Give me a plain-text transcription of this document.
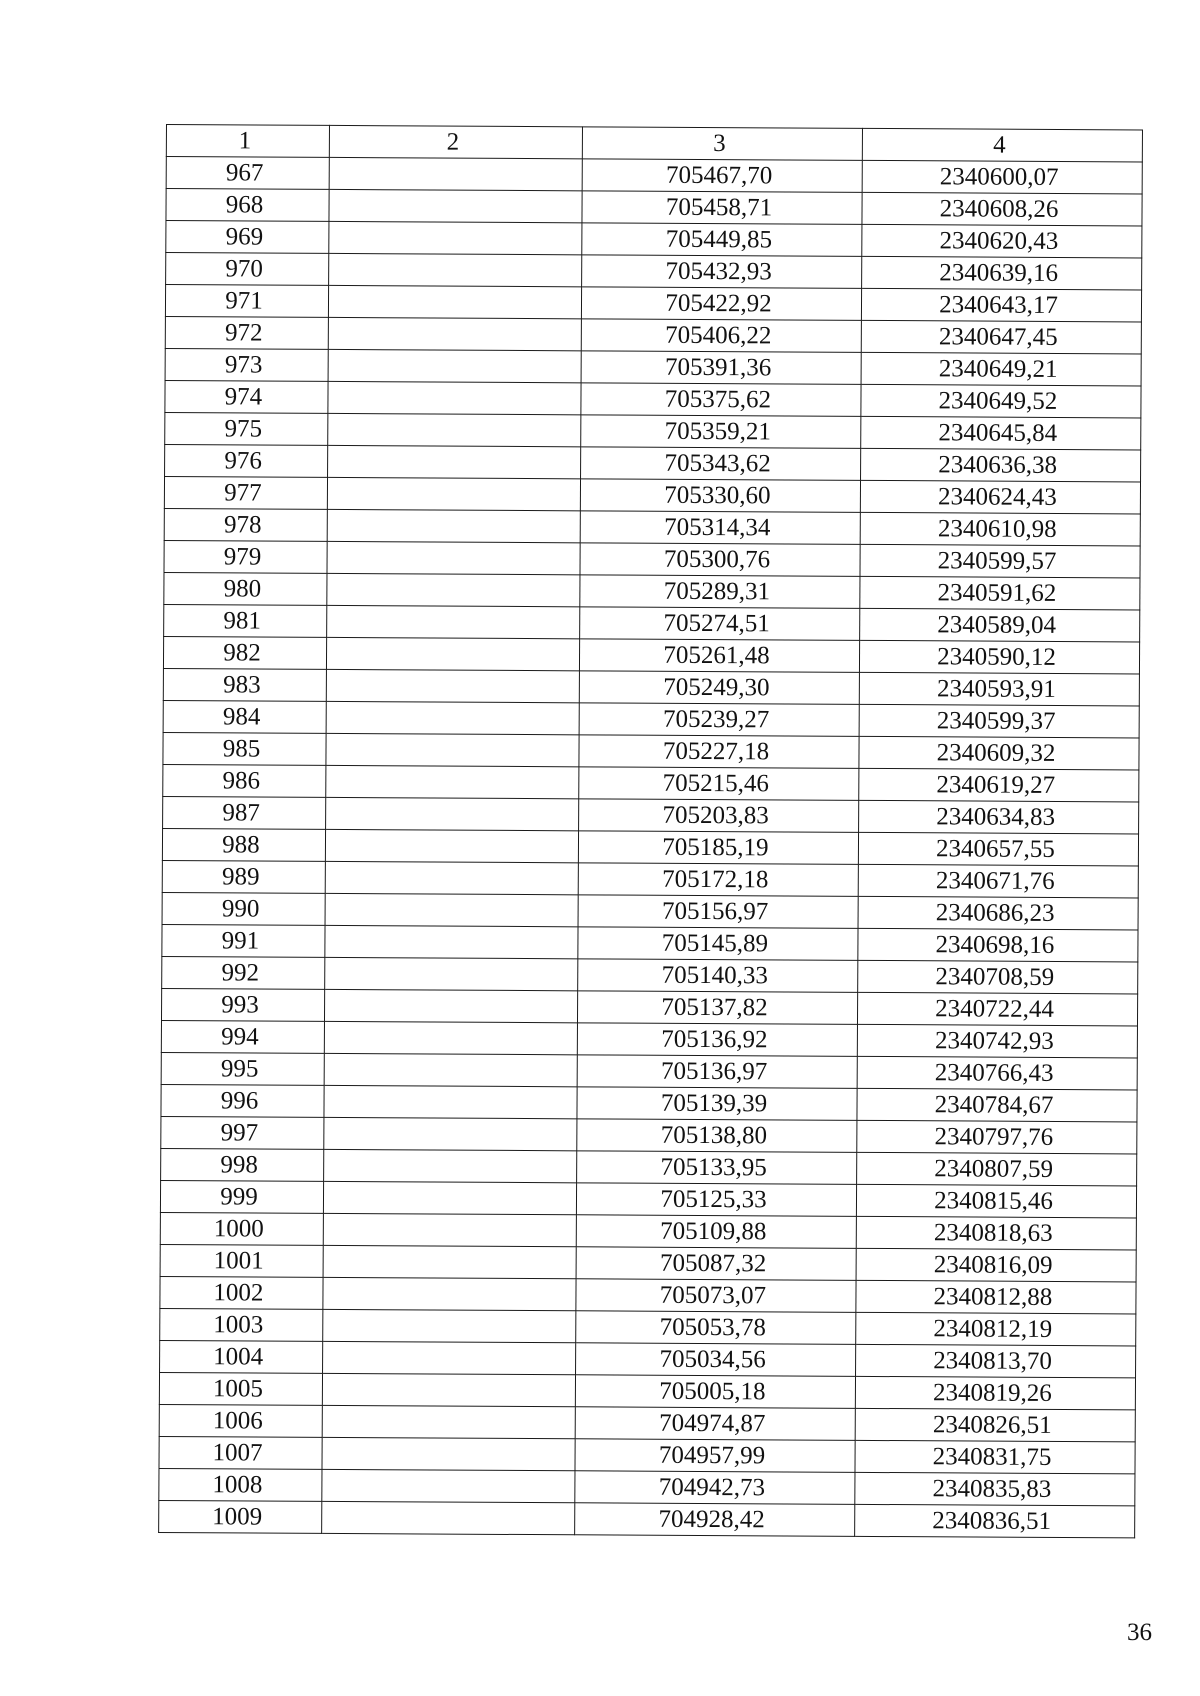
1	2	3	4
967		705467,70	2340600,07
968		705458,71	2340608,26
969		705449,85	2340620,43
970		705432,93	2340639,16
971		705422,92	2340643,17
972		705406,22	2340647,45
973		705391,36	2340649,21
974		705375,62	2340649,52
975		705359,21	2340645,84
976		705343,62	2340636,38
977		705330,60	2340624,43
978		705314,34	2340610,98
979		705300,76	2340599,57
980		705289,31	2340591,62
981		705274,51	2340589,04
982		705261,48	2340590,12
983		705249,30	2340593,91
984		705239,27	2340599,37
985		705227,18	2340609,32
986		705215,46	2340619,27
987		705203,83	2340634,83
988		705185,19	2340657,55
989		705172,18	2340671,76
990		705156,97	2340686,23
991		705145,89	2340698,16
992		705140,33	2340708,59
993		705137,82	2340722,44
994		705136,92	2340742,93
995		705136,97	2340766,43
996		705139,39	2340784,67
997		705138,80	2340797,76
998		705133,95	2340807,59
999		705125,33	2340815,46
1000		705109,88	2340818,63
1001		705087,32	2340816,09
1002		705073,07	2340812,88
1003		705053,78	2340812,19
1004		705034,56	2340813,70
1005		705005,18	2340819,26
1006		704974,87	2340826,51
1007		704957,99	2340831,75
1008		704942,73	2340835,83
1009		704928,42	2340836,51
36
